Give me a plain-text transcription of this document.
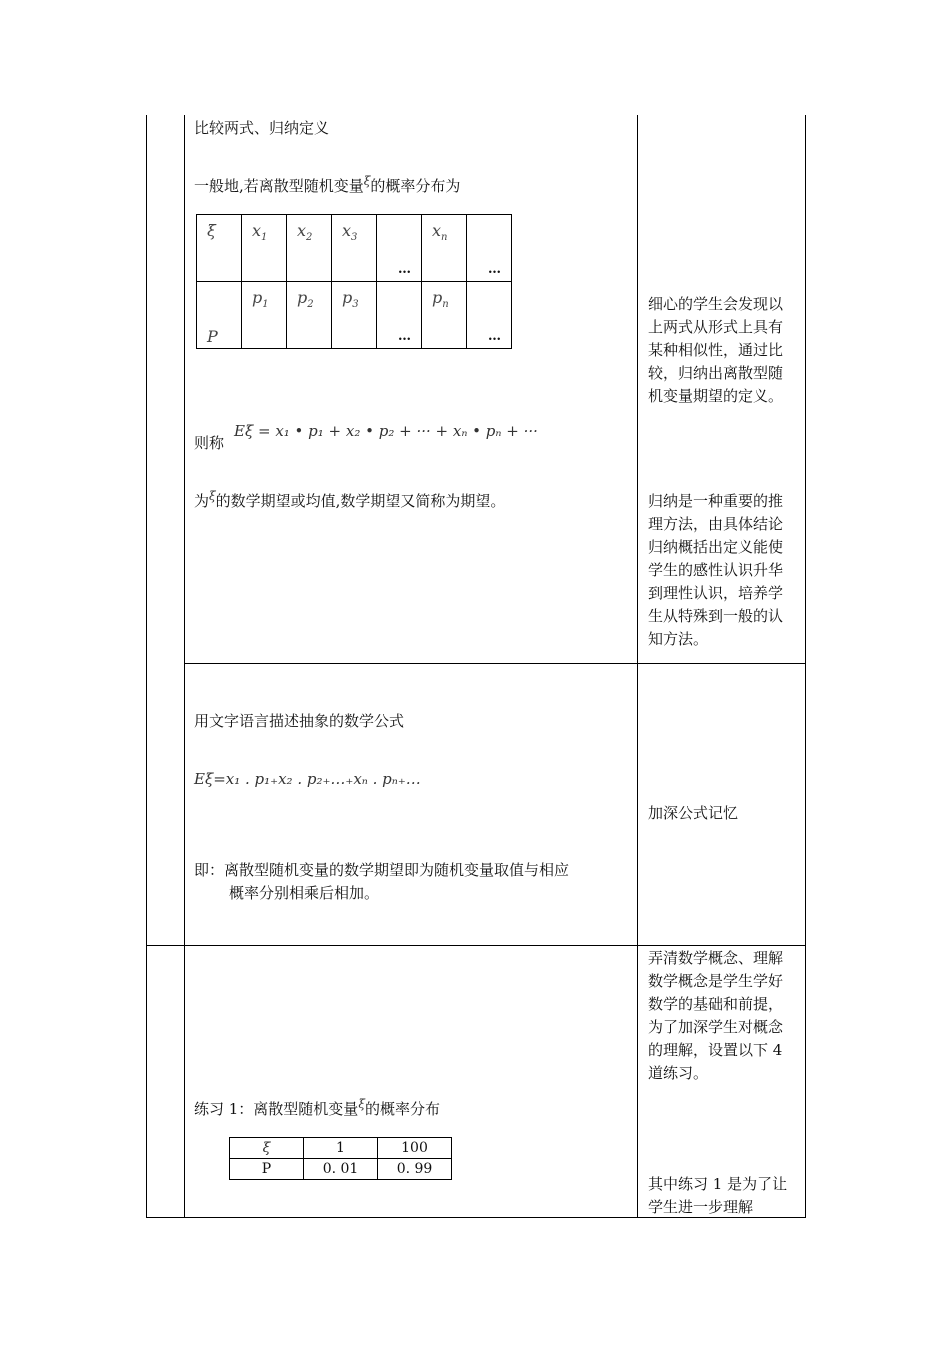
比较两式、归纳定义
一般地,若离散型随机变量$^\xi$的概率分布为
ξ	$x_1$	$x_2$	$x_3$	…	$x_n$	…

P	$p_1$	$p_2$	$p_3$	…	$p_n$	…
则称
Eξ = x₁ • p₁ + x₂ • p₂ + ··· + xₙ • pₙ + ···
为$^\xi$的数学期望或均值,数学期望又简称为期望。
细心的学生会发现以上两式从形式上具有某种相似性，通过比较，归纳出离散型随机变量期望的定义。
归纳是一种重要的推理方法，由具体结论归纳概括出定义能使学生的感性认识升华到理性认识，培养学生从特殊到一般的认知方法。
用文字语言描述抽象的数学公式
Eξ=x₁ . p₁₊x₂ . p₂₊…₊xₙ . pₙ₊…
即：离散型随机变量的数学期望即为随机变量取值与相应
概率分别相乘后相加。
加深公式记忆
练习 1：离散型随机变量$^\xi$的概率分布
ξ	1	100
P	0. 01	0. 99
弄清数学概念、理解数学概念是学生学好数学的基础和前提，为了加深学生对概念的理解，设置以下 4 道练习。
其中练习 1 是为了让学生进一步理解
